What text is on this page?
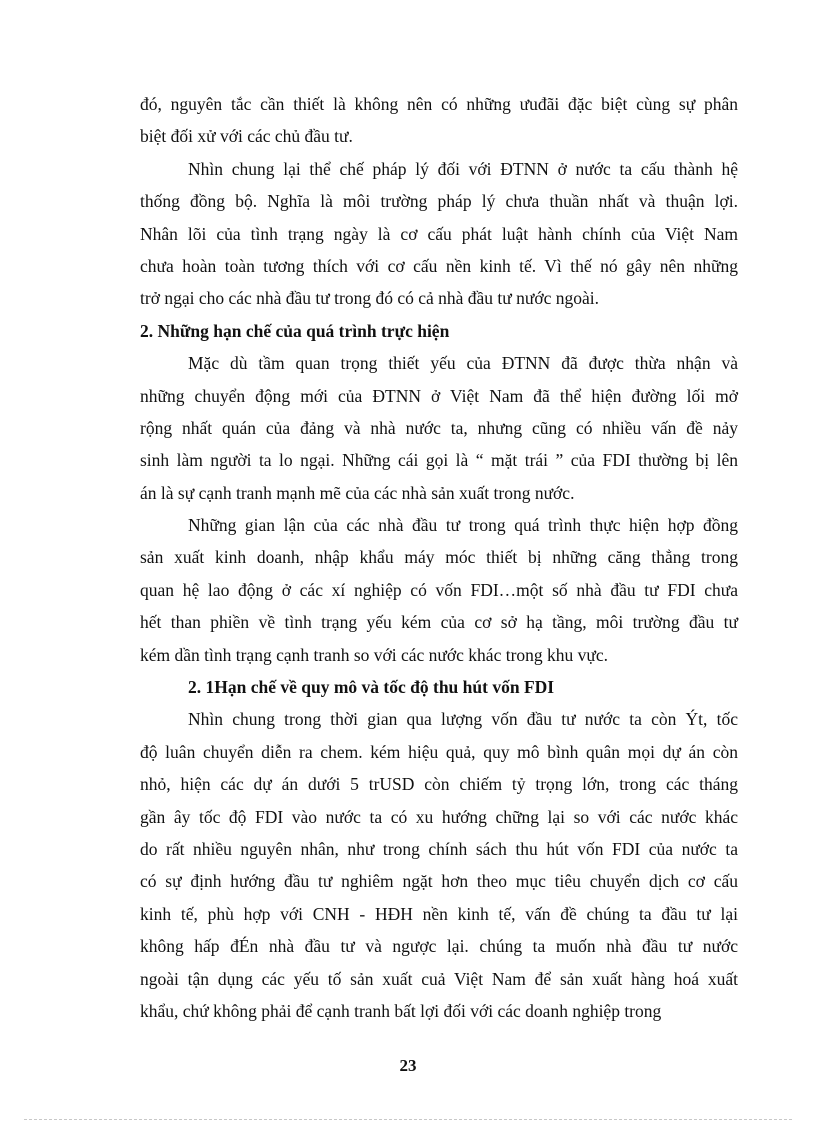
đó, nguyên tắc cần thiết là không nên có những ưuđãi đặc biệt cùng sự phân
biệt đối xử với các chủ đầu tư.
Nhìn chung lại thể chế pháp lý đối với ĐTNN ở nước ta cấu thành hệ
thống đồng bộ. Nghĩa là môi trường pháp lý chưa thuần nhất và thuận lợi.
Nhân lõi của tình trạng ngày là cơ cấu phát luật hành chính của Việt Nam
chưa hoàn toàn tương thích với cơ cấu nền kinh tế. Vì thế nó gây nên những
trở ngại cho các nhà đầu tư trong đó có cả nhà đầu tư nước ngoài.
2. Những hạn chế của quá trình trực hiện
Mặc dù tầm quan trọng thiết yếu của ĐTNN đã được thừa nhận và
những chuyển động mới của ĐTNN ở Việt Nam đã thể hiện đường lối mở
rộng nhất quán của đảng và nhà nước ta, nhưng cũng có nhiều vấn đề nảy
sinh làm người ta lo ngại. Những cái gọi là “ mặt trái ” của FDI thường bị lên
án là sự cạnh tranh mạnh mẽ của các nhà sản xuất trong nước.
Những gian lận của các nhà đầu tư trong quá trình thực hiện hợp đồng
sản xuất kinh doanh, nhập khẩu máy móc thiết bị những căng thẳng trong
quan hệ lao động ở các xí nghiệp có vốn FDI…một số nhà đầu tư FDI chưa
hết than phiền về tình trạng yếu kém của cơ sở hạ tầng, môi trường đầu tư
kém dần tình trạng cạnh tranh so với các nước khác trong khu vực.
2. 1Hạn chế về quy mô và tốc độ thu hút vốn FDI
Nhìn chung trong thời gian qua lượng vốn đầu tư nước ta còn Ýt, tốc
độ luân chuyển diễn ra chem. kém hiệu quả, quy mô bình quân mọi dự án còn
nhỏ, hiện các dự án dưới 5 trUSD còn chiếm tỷ trọng lớn, trong các tháng
gần ây tốc độ FDI vào nước ta có xu hướng chững lại so với các nước khác
do rất nhiều nguyên nhân, như trong chính sách thu hút vốn FDI của nước ta
có sự định hướng đầu tư nghiêm ngặt hơn theo mục tiêu chuyển dịch cơ cấu
kinh tế, phù hợp với CNH - HĐH nền kinh tế, vấn đề chúng ta đầu tư lại
không hấp đÉn nhà đầu tư và ngược lại. chúng ta muốn nhà đầu tư nước
ngoài tận dụng các yếu tố sản xuất cuả Việt Nam để sản xuất hàng hoá xuất
khẩu, chứ không phải để cạnh tranh bất lợi đối với các doanh nghiệp trong
23
